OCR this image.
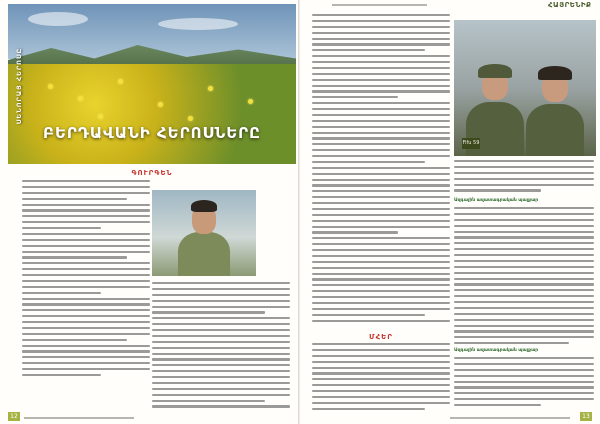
ՍԵՆՈՐԱՅ ՀԵՐՈՍԸ
ԲԵՐԴԱՎԱՆԻ ՀԵՐՈՍՆԵՐԸ
ԳՈՒՐԳԵՆ
12
ՀԱՅՐԵՆԻՔ
ՄՀԵՐ
Fifu 59
Ազգային ազատագրական պայքար
Ազգային ազատագրական պայքար
13
